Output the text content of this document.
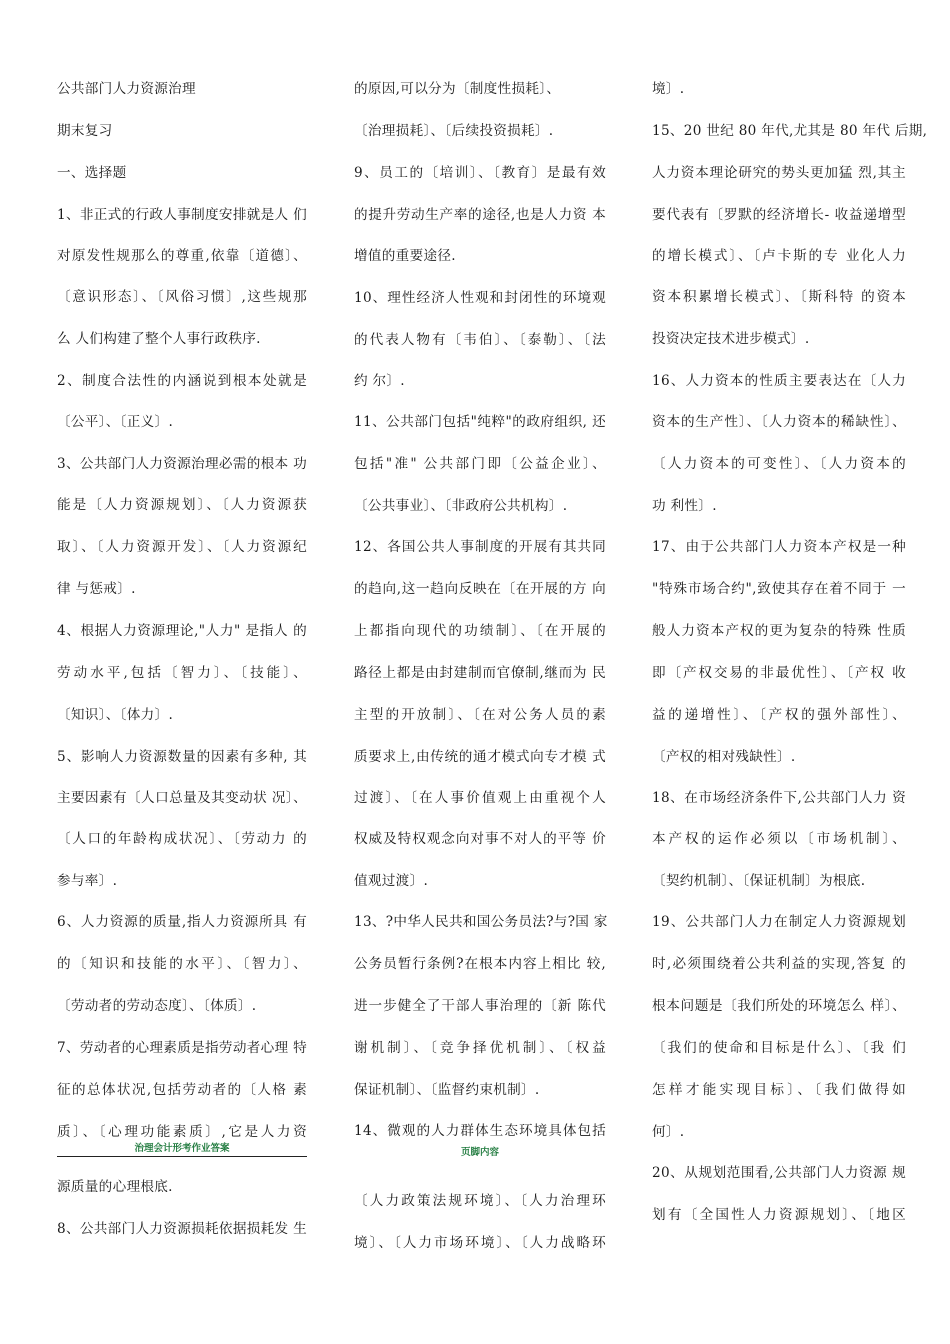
公共部门人力资源治理
期末复习
一、选择题
1、非正式的行政人事制度安排就是人 们
对原发性规那么的尊重,依靠〔道德〕、
〔意识形态〕、〔风俗习惯〕,这些规那
么 人们构建了整个人事行政秩序.
2、制度合法性的内涵说到根本处就是
〔公平〕、〔正义〕.
3、公共部门人力资源治理必需的根本 功
能是〔人力资源规划〕、〔人力资源获
取〕、〔人力资源开发〕、〔人力资源纪
律 与惩戒〕.
4、根据人力资源理论,"人力" 是指人 的
劳动水平,包括〔智力〕、〔技能〕、
〔知识〕、〔体力〕.
5、影响人力资源数量的因素有多种, 其
主要因素有〔人口总量及其变动状 况〕、
〔人口的年龄构成状况〕、〔劳动力 的
参与率〕.
6、人力资源的质量,指人力资源所具 有
的〔知识和技能的水平〕、〔智力〕、
〔劳动者的劳动态度〕、〔体质〕.
7、劳动者的心理素质是指劳动者心理 特
征的总体状况,包括劳动者的〔人格 素
质〕、〔心理功能素质〕,它是人力资
源质量的心理根底.
8、公共部门人力资源损耗依据损耗发 生
的原因,可以分为〔制度性损耗〕、
〔治理损耗〕、〔后续投资损耗〕.
9、员工的〔培训〕、〔教育〕是最有效
的提升劳动生产率的途径,也是人力资 本
增值的重要途径.
10、理性经济人性观和封闭性的环境观
的代表人物有〔韦伯〕、〔泰勒〕、〔法
约 尔〕.
11、公共部门包括"纯粹"的政府组织, 还
包括"准" 公共部门即〔公益企业〕、
〔公共事业〕、〔非政府公共机构〕.
12、各国公共人事制度的开展有其共同
的趋向,这一趋向反映在〔在开展的方 向
上都指向现代的功绩制〕、〔在开展的
路径上都是由封建制而官僚制,继而为 民
主型的开放制〕、〔在对公务人员的素
质要求上,由传统的通才模式向专才模 式
过渡〕、〔在人事价值观上由重视个人
权威及特权观念向对事不对人的平等 价
值观过渡〕.
13、?中华人民共和国公务员法?与?国 家
公务员暂行条例?在根本内容上相比 较,
进一步健全了干部人事治理的〔新 陈代
谢机制〕、〔竞争择优机制〕、〔权益
保证机制〕、〔监督约束机制〕.
14、微观的人力群体生态环境具体包括
〔人力政策法规环境〕、〔人力治理环
境〕、〔人力市场环境〕、〔人力战略环
境〕.
15、20 世纪 80 年代,尤其是 80 年代 后期,
人力资本理论研究的势头更加猛 烈,其主
要代表有〔罗默的经济增长- 收益递增型
的增长模式〕、〔卢卡斯的专 业化人力
资本积累增长模式〕、〔斯科特 的资本
投资决定技术进步模式〕.
16、人力资本的性质主要表达在〔人力
资本的生产性〕、〔人力资本的稀缺性〕、
〔人力资本的可变性〕、〔人力资本的
功 利性〕.
17、由于公共部门人力资本产权是一种
"特殊市场合约",致使其存在着不同于 一
般人力资本产权的更为复杂的特殊 性质
即〔产权交易的非最优性〕、〔产权 收
益的递增性〕、〔产权的强外部性〕、
〔产权的相对残缺性〕.
18、在市场经济条件下,公共部门人力 资
本产权的运作必须以〔市场机制〕、
〔契约机制〕、〔保证机制〕为根底.
19、公共部门人力在制定人力资源规划
时,必须围绕着公共利益的实现,答复 的
根本问题是〔我们所处的环境怎么 样〕、
〔我们的使命和目标是什么〕、〔我 们
怎样才能实现目标〕、〔我们做得如
何〕.
20、从规划范围看,公共部门人力资源 规
划有〔全国性人力资源规划〕、〔地区
治理会计形考作业答案	页脚内容
